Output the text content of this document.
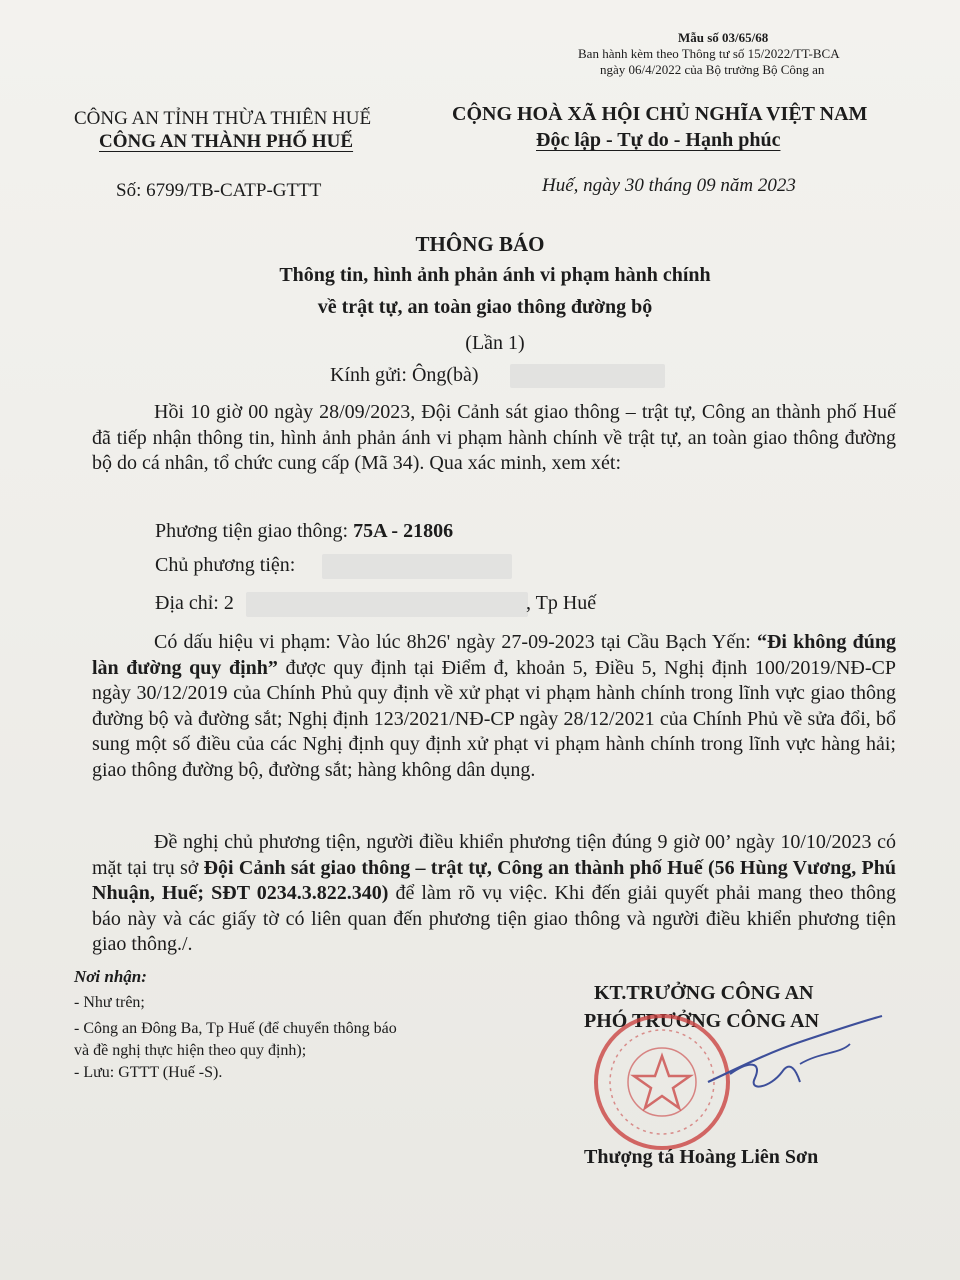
Mẫu số 03/65/68
Ban hành kèm theo Thông tư số 15/2022/TT-BCA
ngày 06/4/2022 của Bộ trưởng Bộ Công an
CÔNG AN TỈNH THỪA THIÊN HUẾ
CÔNG AN THÀNH PHỐ HUẾ
Số: 6799/TB-CATP-GTTT
CỘNG HOÀ XÃ HỘI CHỦ NGHĨA VIỆT NAM
Độc lập - Tự do - Hạnh phúc
Huế, ngày 30 tháng 09 năm 2023
THÔNG BÁO
Thông tin, hình ảnh phản ánh vi phạm hành chính
về trật tự, an toàn giao thông đường bộ
(Lần 1)
Kính gửi: Ông(bà)
Hồi 10 giờ 00 ngày 28/09/2023, Đội Cảnh sát giao thông – trật tự, Công an thành phố Huế đã tiếp nhận thông tin, hình ảnh phản ánh vi phạm hành chính về trật tự, an toàn giao thông đường bộ do cá nhân, tổ chức cung cấp (Mã 34). Qua xác minh, xem xét:
Phương tiện giao thông: 75A - 21806
Chủ phương tiện:
Địa chỉ: 2	, Tp Huế
Có dấu hiệu vi phạm: Vào lúc 8h26' ngày 27-09-2023 tại Cầu Bạch Yến: “Đi không đúng làn đường quy định” được quy định tại Điểm đ, khoản 5, Điều 5, Nghị định 100/2019/NĐ-CP ngày 30/12/2019 của Chính Phủ quy định về xử phạt vi phạm hành chính trong lĩnh vực giao thông đường bộ và đường sắt; Nghị định 123/2021/NĐ-CP ngày 28/12/2021 của Chính Phủ về sửa đổi, bổ sung một số điều của các Nghị định quy định xử phạt vi phạm hành chính trong lĩnh vực hàng hải; giao thông đường bộ, đường sắt; hàng không dân dụng.
Đề nghị chủ phương tiện, người điều khiển phương tiện đúng 9 giờ 00’ ngày 10/10/2023 có mặt tại trụ sở Đội Cảnh sát giao thông – trật tự, Công an thành phố Huế (56 Hùng Vương, Phú Nhuận, Huế; SĐT 0234.3.822.340) để làm rõ vụ việc. Khi đến giải quyết phải mang theo thông báo này và các giấy tờ có liên quan đến phương tiện giao thông và người điều khiển phương tiện giao thông./.
Nơi nhận:
- Như trên;
- Công an Đông Ba, Tp Huế (để chuyển thông báo
và đề nghị thực hiện theo quy định);
- Lưu: GTTT (Huế -S).
KT.TRƯỞNG CÔNG AN
PHÓ TRƯỞNG CÔNG AN
Thượng tá Hoàng Liên Sơn
